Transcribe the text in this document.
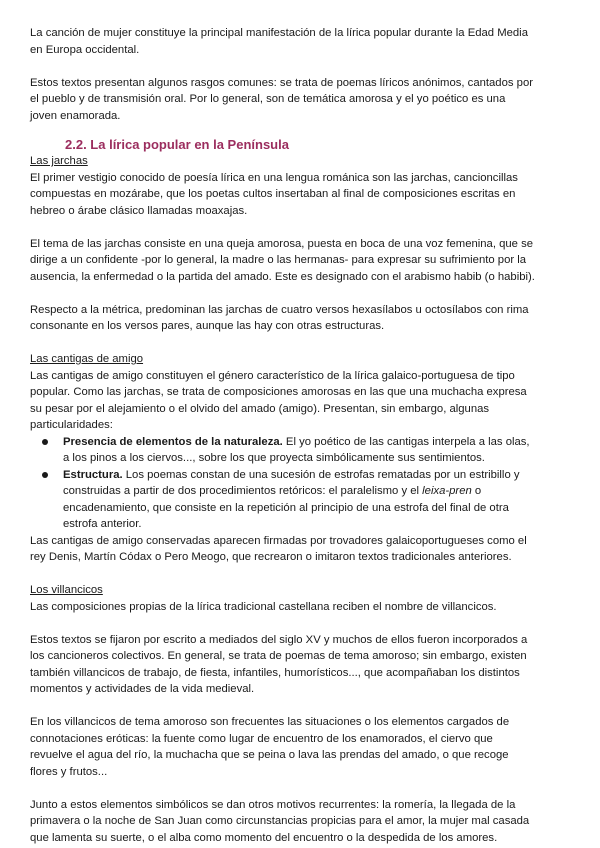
La canción de mujer constituye la principal manifestación de la lírica popular durante la Edad Media en Europa occidental.

Estos textos presentan algunos rasgos comunes: se trata de poemas líricos anónimos, cantados por el pueblo y de transmisión oral. Por lo general, son de temática amorosa y el yo poético es una joven enamorada.

2.2. La lírica popular en la Península

Las jarchas

El primer vestigio conocido de poesía lírica en una lengua románica son las jarchas, cancioncillas compuestas en mozárabe, que los poetas cultos insertaban al final de composiciones escritas en hebreo o árabe clásico llamadas moaxajas.

El tema de las jarchas consiste en una queja amorosa, puesta en boca de una voz femenina, que se dirige a un confidente -por lo general, la madre o las hermanas- para expresar su sufrimiento por la ausencia, la enfermedad o la partida del amado. Este es designado con el arabismo habib (o habibi).

Respecto a la métrica, predominan las jarchas de cuatro versos hexasílabos u octosílabos con rima consonante en los versos pares, aunque las hay con otras estructuras.

Las cantigas de amigo

Las cantigas de amigo constituyen el género característico de la lírica galaico-portuguesa de tipo popular. Como las jarchas, se trata de composiciones amorosas en las que una muchacha expresa su pesar por el alejamiento o el olvido del amado (amigo). Presentan, sin embargo, algunas particularidades:

Presencia de elementos de la naturaleza. El yo poético de las cantigas interpela a las olas, a los pinos a los ciervos..., sobre los que proyecta simbólicamente sus sentimientos.
Estructura. Los poemas constan de una sucesión de estrofas rematadas por un estribillo y construidas a partir de dos procedimientos retóricos: el paralelismo y el leixa-pren o encadenamiento, que consiste en la repetición al principio de una estrofa del final de otra estrofa anterior.

Las cantigas de amigo conservadas aparecen firmadas por trovadores galaicoportugueses como el rey Denis, Martín Códax o Pero Meogo, que recrearon o imitaron textos tradicionales anteriores.

Los villancicos

Las composiciones propias de la lírica tradicional castellana reciben el nombre de villancicos.

Estos textos se fijaron por escrito a mediados del siglo XV y muchos de ellos fueron incorporados a los cancioneros colectivos. En general, se trata de poemas de tema amoroso; sin embargo, existen también villancicos de trabajo, de fiesta, infantiles, humorísticos..., que acompañaban los distintos momentos y actividades de la vida medieval.

En los villancicos de tema amoroso son frecuentes las situaciones o los elementos cargados de connotaciones eróticas: la fuente como lugar de encuentro de los enamorados, el ciervo que revuelve el agua del río, la muchacha que se peina o lava las prendas del amado, o que recoge flores y frutos...

Junto a estos elementos simbólicos se dan otros motivos recurrentes: la romería, la llegada de la primavera o la noche de San Juan como circunstancias propicias para el amor, la mujer mal casada que lamenta su suerte, o el alba como momento del encuentro o la despedida de los amores.
